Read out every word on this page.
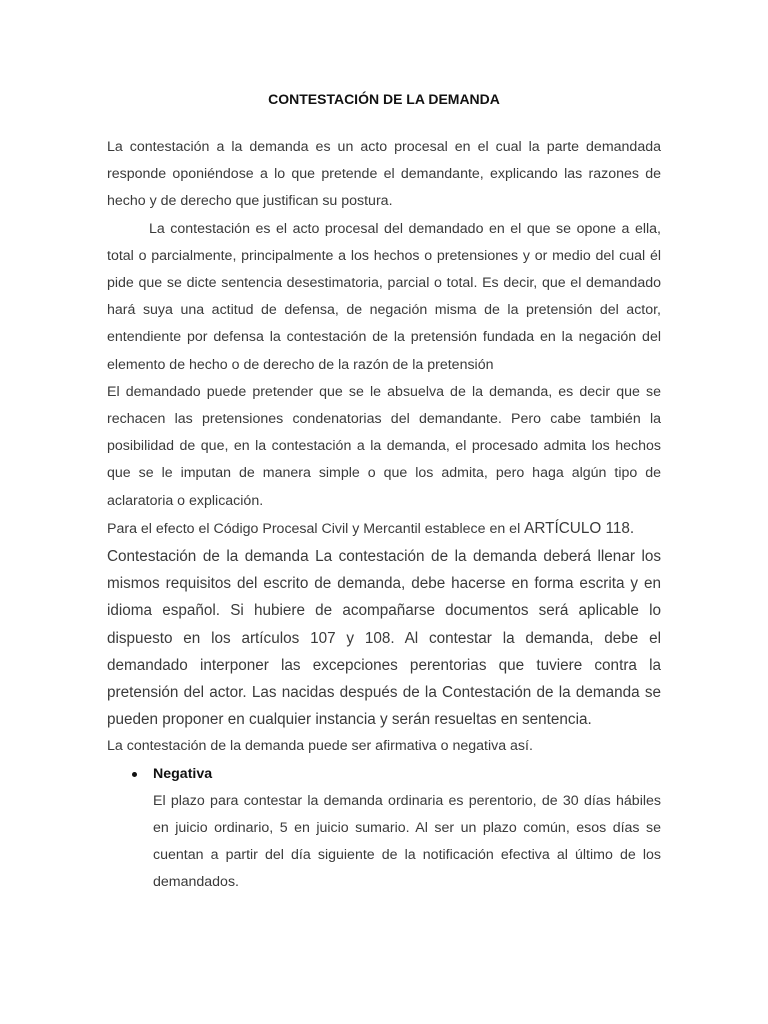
CONTESTACIÓN DE LA DEMANDA

La contestación a la demanda es un acto procesal en el cual la parte demandada responde oponiéndose a lo que pretende el demandante, explicando las razones de hecho y de derecho que justifican su postura.

La contestación es el acto procesal del demandado en el que se opone a ella, total o parcialmente, principalmente a los hechos o pretensiones y or medio del cual él pide que se dicte sentencia desestimatoria, parcial o total. Es decir, que el demandado hará suya una actitud de defensa, de negación misma de la pretensión del actor, entendiente por defensa la contestación de la pretensión fundada en la negación del elemento de hecho o de derecho de la razón de la pretensión

El demandado puede pretender que se le absuelva de la demanda, es decir que se rechacen las pretensiones condenatorias del demandante. Pero cabe también la posibilidad de que, en la contestación a la demanda, el procesado admita los hechos que se le imputan de manera simple o que los admita, pero haga algún tipo de aclaratoria o explicación.

Para el efecto el Código Procesal Civil y Mercantil establece en el ARTÍCULO 118.

Contestación de la demanda La contestación de la demanda deberá llenar los mismos requisitos del escrito de demanda, debe hacerse en forma escrita y en idioma español. Si hubiere de acompañarse documentos será aplicable lo dispuesto en los artículos 107 y 108. Al contestar la demanda, debe el demandado interponer las excepciones perentorias que tuviere contra la pretensión del actor. Las nacidas después de la Contestación de la demanda se pueden proponer en cualquier instancia y serán resueltas en sentencia.

La contestación de la demanda puede ser afirmativa o negativa así.

Negativa

El plazo para contestar la demanda ordinaria es perentorio, de 30 días hábiles en juicio ordinario, 5 en juicio sumario. Al ser un plazo común, esos días se cuentan a partir del día siguiente de la notificación efectiva al último de los demandados.
